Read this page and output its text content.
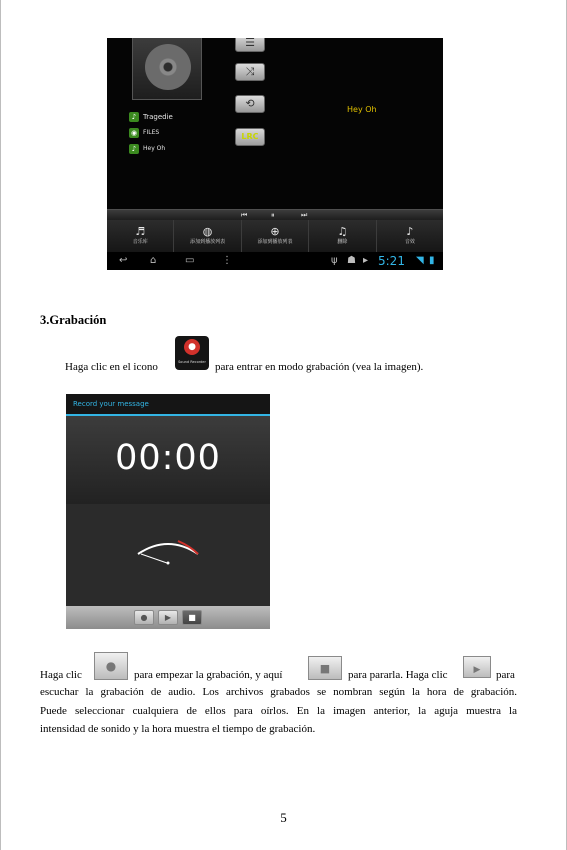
☰
⤨
⟲
LRC
♪ Tragedie
◉ FILES
♪ Hey Oh
Hey Oh
⏮	⏸	⏭
♬
音乐库
◍
添加到播放列表
⊕
添加到播放列表
♫
删除
♪
音效
↩ ⌂	▭	⋮	ψ ☗ ▸ 5:21 ◥ ▮
3.Grabación
Haga clic en el icono
●
Sound Recorder para entrar en modo grabación (vea la imagen).
Record your message
00:00
●	▶	■
Haga clic
●
para empezar la grabación, y aquí	■	para pararla. Haga clic	▶	para
escuchar la grabación de audio. Los archivos grabados se nombran según la hora de grabación.
Puede seleccionar cualquiera de ellos para oírlos. En la imagen anterior, la aguja muestra la
intensidad de sonido y la hora muestra el tiempo de grabación.
5
